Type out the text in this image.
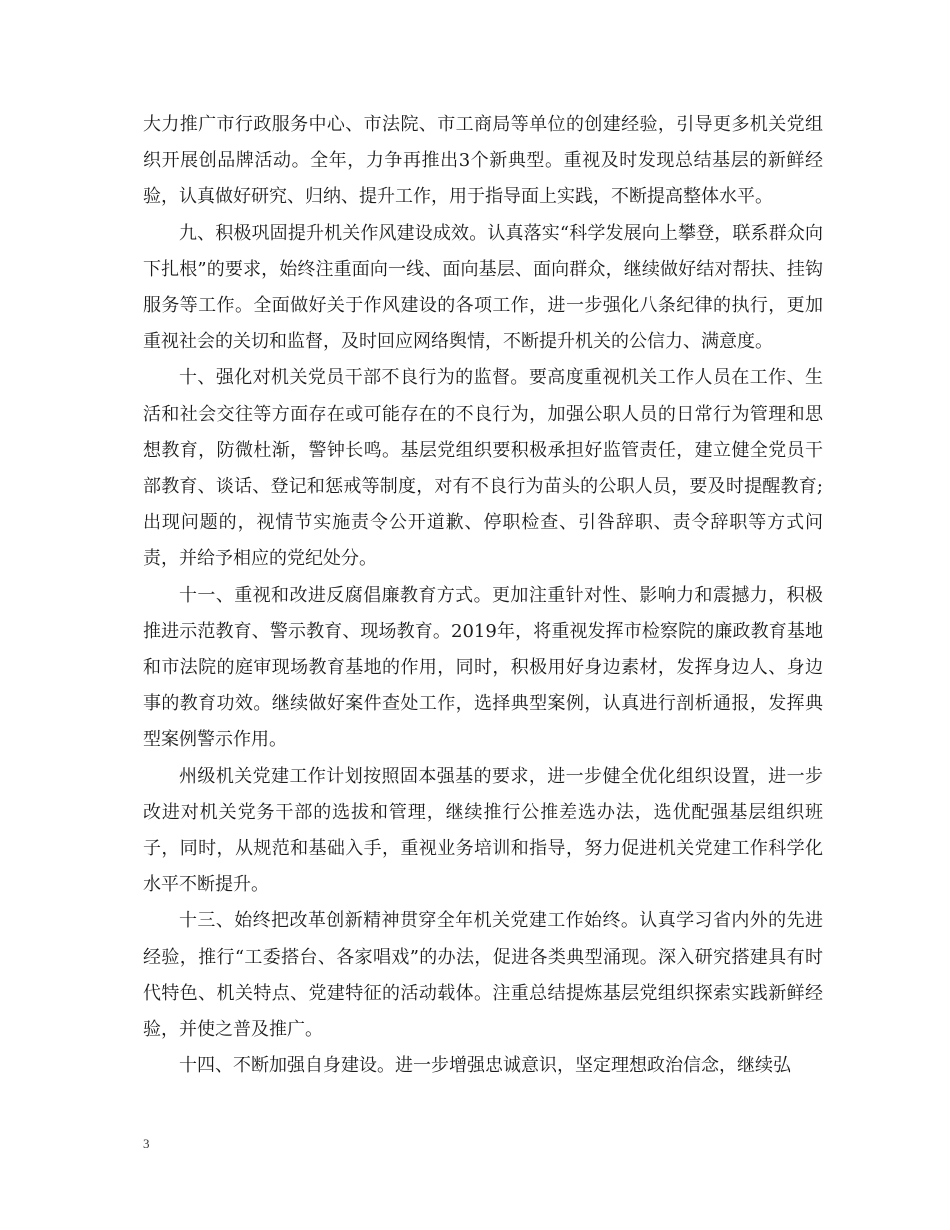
大力推广市行政服务中心、市法院、市工商局等单位的创建经验，引导更多机关党组织开展创品牌活动。全年，力争再推出3个新典型。重视及时发现总结基层的新鲜经验，认真做好研究、归纳、提升工作，用于指导面上实践，不断提高整体水平。

九、积极巩固提升机关作风建设成效。认真落实“科学发展向上攀登，联系群众向下扎根”的要求，始终注重面向一线、面向基层、面向群众，继续做好结对帮扶、挂钩服务等工作。全面做好关于作风建设的各项工作，进一步强化八条纪律的执行，更加重视社会的关切和监督，及时回应网络舆情，不断提升机关的公信力、满意度。

十、强化对机关党员干部不良行为的监督。要高度重视机关工作人员在工作、生活和社会交往等方面存在或可能存在的不良行为，加强公职人员的日常行为管理和思想教育，防微杜渐，警钟长鸣。基层党组织要积极承担好监管责任，建立健全党员干部教育、谈话、登记和惩戒等制度，对有不良行为苗头的公职人员，要及时提醒教育;出现问题的，视情节实施责令公开道歉、停职检查、引咎辞职、责令辞职等方式问责，并给予相应的党纪处分。

十一、重视和改进反腐倡廉教育方式。更加注重针对性、影响力和震撼力，积极推进示范教育、警示教育、现场教育。2019年，将重视发挥市检察院的廉政教育基地和市法院的庭审现场教育基地的作用，同时，积极用好身边素材，发挥身边人、身边事的教育功效。继续做好案件查处工作，选择典型案例，认真进行剖析通报，发挥典型案例警示作用。

州级机关党建工作计划按照固本强基的要求，进一步健全优化组织设置，进一步改进对机关党务干部的选拔和管理，继续推行公推差选办法，选优配强基层组织班子，同时，从规范和基础入手，重视业务培训和指导，努力促进机关党建工作科学化水平不断提升。

十三、始终把改革创新精神贯穿全年机关党建工作始终。认真学习省内外的先进经验，推行“工委搭台、各家唱戏”的办法，促进各类典型涌现。深入研究搭建具有时代特色、机关特点、党建特征的活动载体。注重总结提炼基层党组织探索实践新鲜经验，并使之普及推广。

十四、不断加强自身建设。进一步增强忠诚意识，坚定理想政治信念，继续弘

3
